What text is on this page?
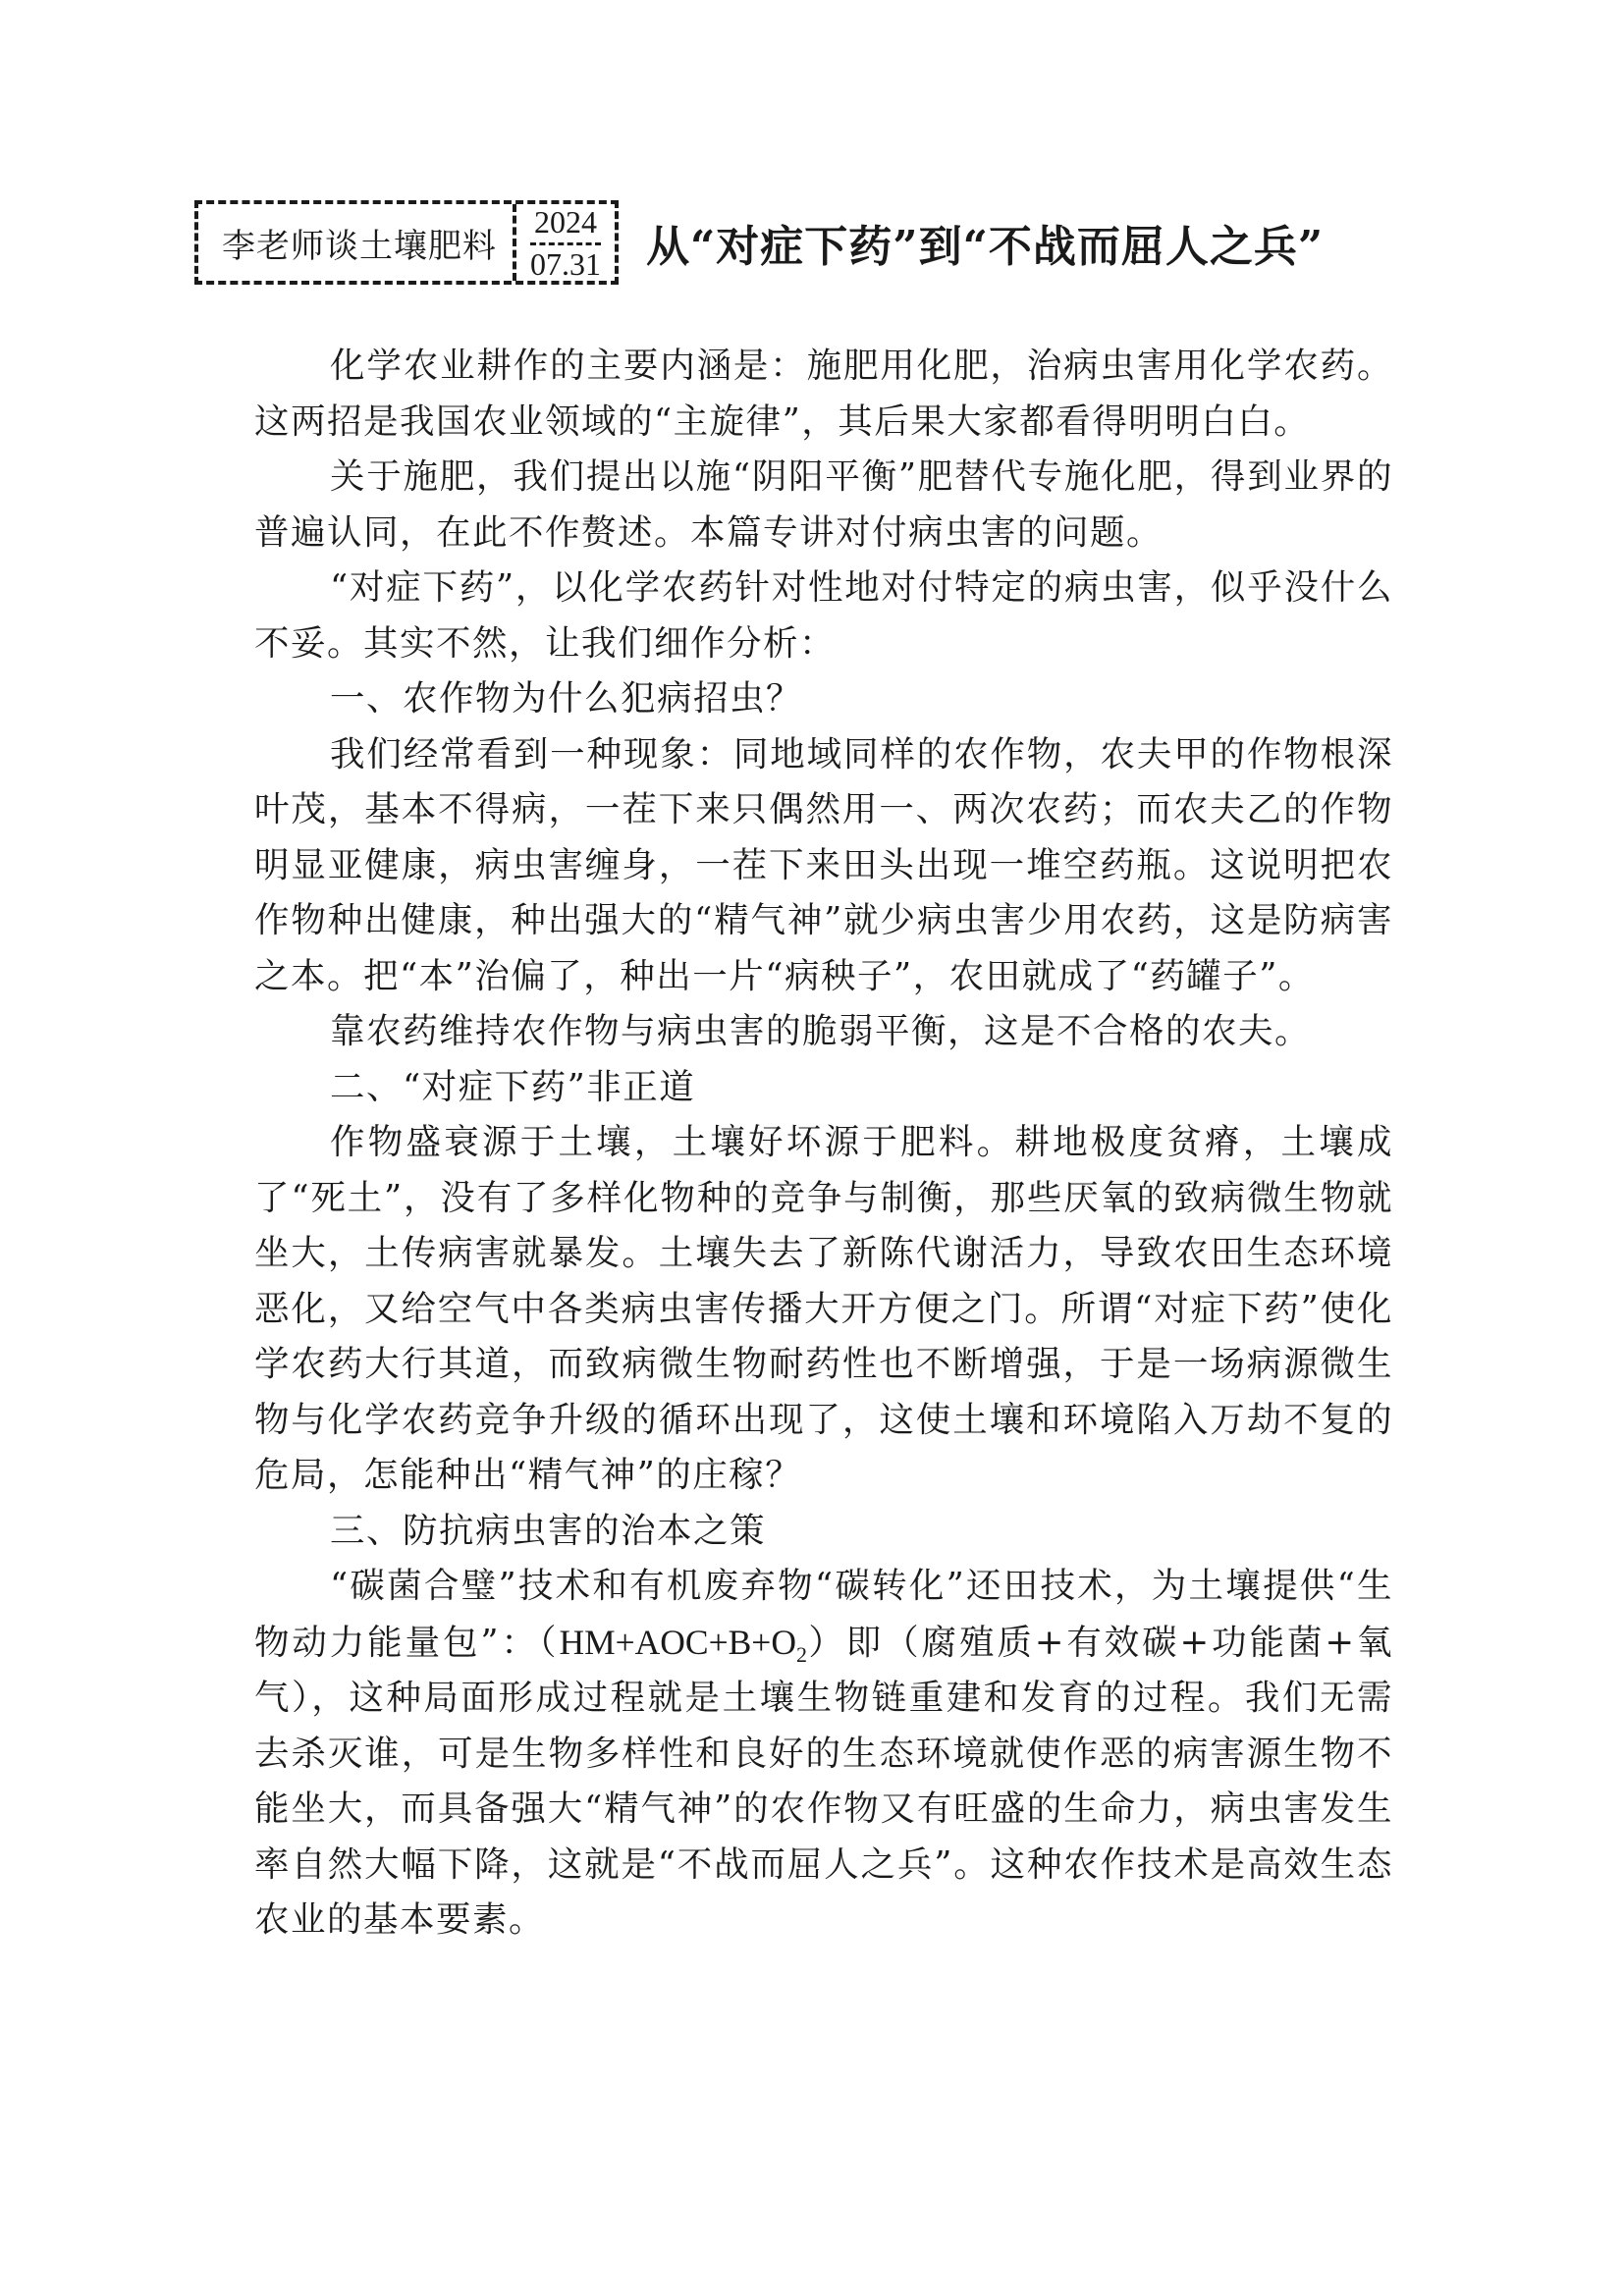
李老师谈土壤肥料
2024
07.31 从“对症下药”到“不战而屈人之兵”

化学农业耕作的主要内涵是：施肥用化肥，治病虫害用化学农药。这两招是我国农业领域的“主旋律”，其后果大家都看得明明白白。

关于施肥，我们提出以施“阴阳平衡”肥替代专施化肥，得到业界的普遍认同，在此不作赘述。本篇专讲对付病虫害的问题。

“对症下药”，以化学农药针对性地对付特定的病虫害，似乎没什么不妥。其实不然，让我们细作分析：

一、农作物为什么犯病招虫？

我们经常看到一种现象：同地域同样的农作物，农夫甲的作物根深叶茂，基本不得病，一茬下来只偶然用一、两次农药；而农夫乙的作物明显亚健康，病虫害缠身，一茬下来田头出现一堆空药瓶。这说明把农作物种出健康，种出强大的“精气神”就少病虫害少用农药，这是防病害之本。把“本”治偏了，种出一片“病秧子”，农田就成了“药罐子”。

靠农药维持农作物与病虫害的脆弱平衡，这是不合格的农夫。

二、“对症下药”非正道

作物盛衰源于土壤，土壤好坏源于肥料。耕地极度贫瘠，土壤成了“死土”，没有了多样化物种的竞争与制衡，那些厌氧的致病微生物就坐大，土传病害就暴发。土壤失去了新陈代谢活力，导致农田生态环境恶化，又给空气中各类病虫害传播大开方便之门。所谓“对症下药”使化学农药大行其道，而致病微生物耐药性也不断增强，于是一场病源微生物与化学农药竞争升级的循环出现了，这使土壤和环境陷入万劫不复的危局，怎能种出“精气神”的庄稼？

三、防抗病虫害的治本之策

“碳菌合璧”技术和有机废弃物“碳转化”还田技术，为土壤提供“生物动力能量包”：$(HM+AOC+B+O_2)$即（腐殖质+有效碳+功能菌+氧气），这种局面形成过程就是土壤生物链重建和发育的过程。我们无需去杀灭谁，可是生物多样性和良好的生态环境就使作恶的病害源生物不能坐大，而具备强大“精气神”的农作物又有旺盛的生命力，病虫害发生率自然大幅下降，这就是“不战而屈人之兵”。这种农作技术是高效生态农业的基本要素。
